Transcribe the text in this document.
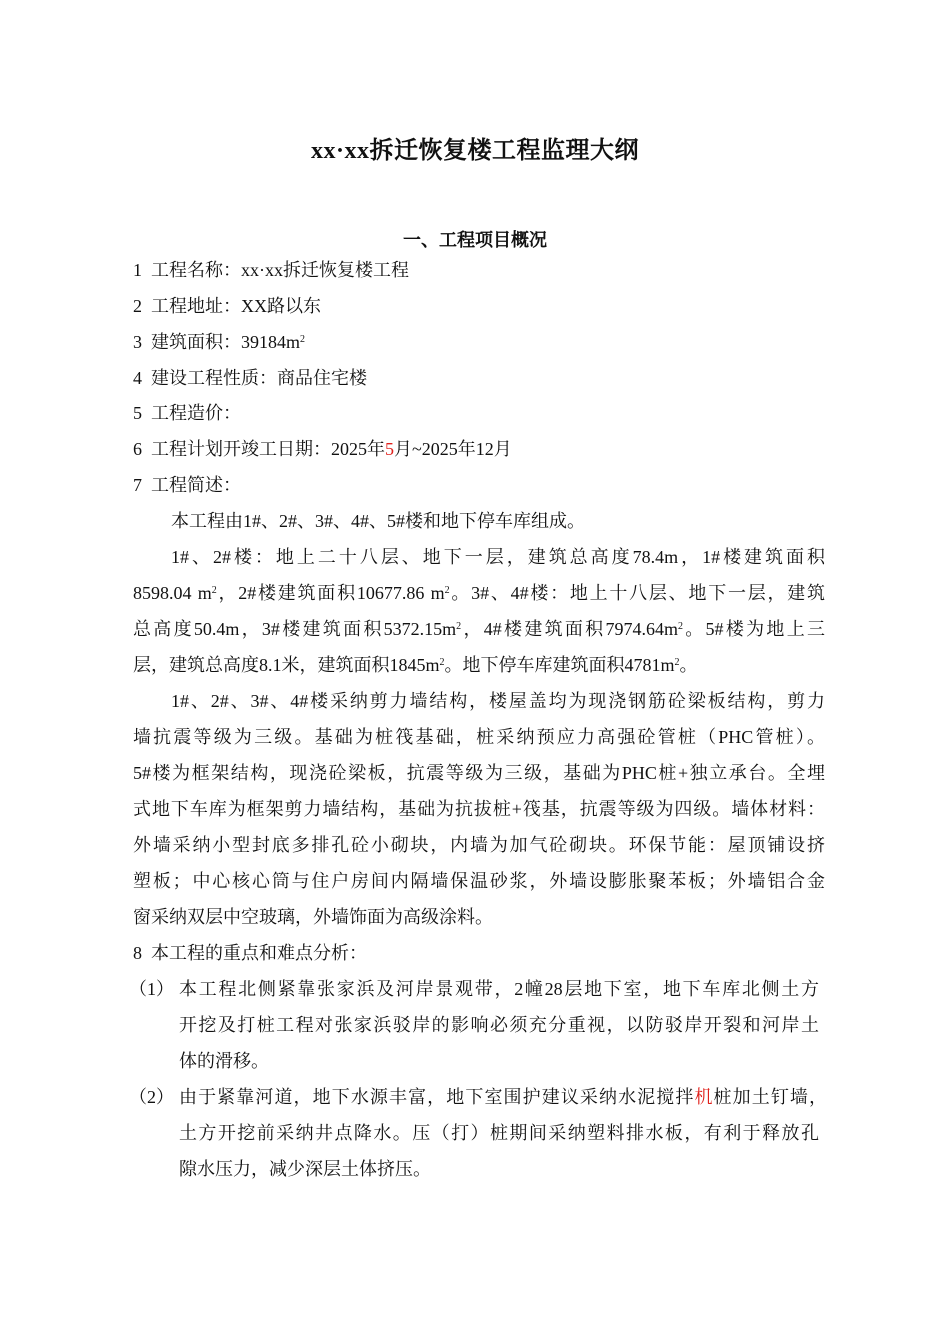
xx·xx拆迁恢复楼工程监理大纲
一、工程项目概况
1 工程名称：xx·xx拆迁恢复楼工程
2 工程地址：XX路以东
3 建筑面积：$39184m^2$
4 建设工程性质：商品住宅楼
5 工程造价：
6 工程计划开竣工日期：2025年5月~2025年12月
7 工程简述：
本工程由1#、2#、3#、4#、5#楼和地下停车库组成。
1#、2#楼：地上二十八层、地下一层，建筑总高度78.4m，1#楼建筑面积
8598.04 $m^2$，2#楼建筑面积10677.86 $m^2$。3#、4#楼：地上十八层、地下一层，建筑
总高度50.4m，3#楼建筑面积$5372.15m^2$，4#楼建筑面积$7974.64m^2$。5#楼为地上三
层，建筑总高度8.1米，建筑面积$1845m^2$。地下停车库建筑面积$4781m^2$。
1#、2#、3#、4#楼采纳剪力墙结构，楼屋盖均为现浇钢筋砼梁板结构，剪力
墙抗震等级为三级。基础为桩筏基础，桩采纳预应力高强砼管桩（PHC管桩）。
5#楼为框架结构，现浇砼梁板，抗震等级为三级，基础为PHC桩+独立承台。全埋
式地下车库为框架剪力墙结构，基础为抗拔桩+筏基，抗震等级为四级。墙体材料：
外墙采纳小型封底多排孔砼小砌块，内墙为加气砼砌块。环保节能：屋顶铺设挤
塑板；中心核心筒与住户房间内隔墙保温砂浆，外墙设膨胀聚苯板；外墙铝合金
窗采纳双层中空玻璃，外墙饰面为高级涂料。
8 本工程的重点和难点分析：
（1） 本工程北侧紧靠张家浜及河岸景观带，2幢28层地下室，地下车库北侧土方
开挖及打桩工程对张家浜驳岸的影响必须充分重视，以防驳岸开裂和河岸土
体的滑移。
（2） 由于紧靠河道，地下水源丰富，地下室围护建议采纳水泥搅拌机桩加土钉墙，
土方开挖前采纳井点降水。压（打）桩期间采纳塑料排水板，有利于释放孔
隙水压力，减少深层土体挤压。
